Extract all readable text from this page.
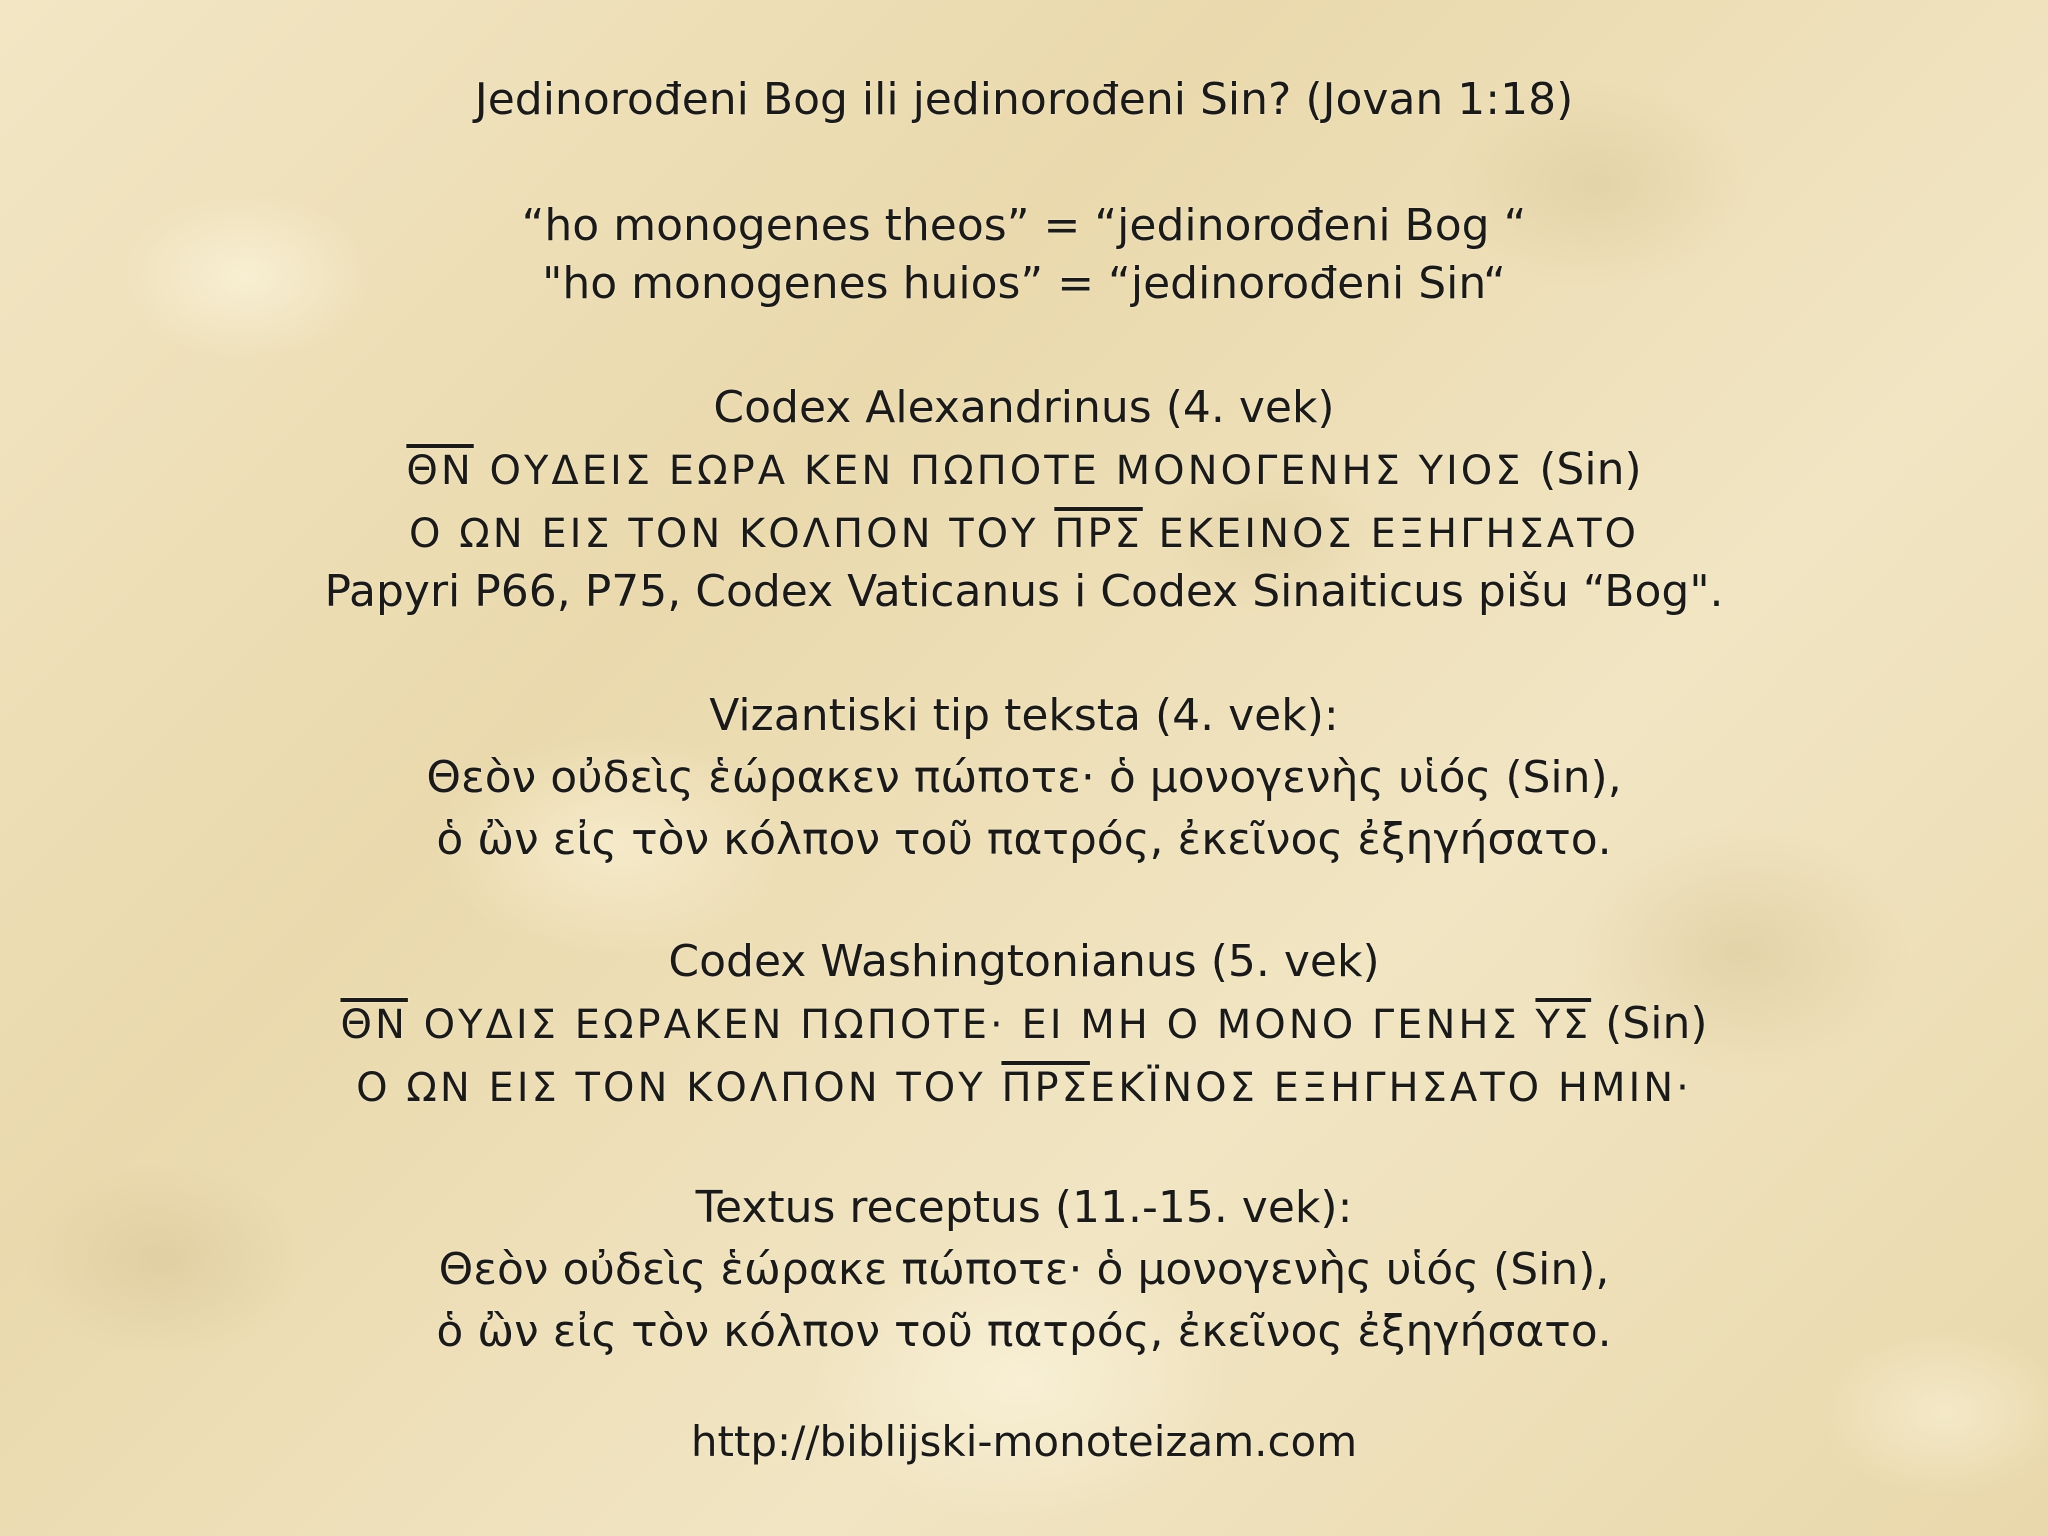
Jedinorođeni Bog ili jedinorođeni Sin? (Jovan 1:18)
“ho monogenes theos” = “jedinorođeni Bog “
"ho monogenes huios” = “jedinorođeni Sin“
Codex Alexandrinus (4. vek)
$\overline{\Theta N}$ ΟΥΔΕΙΣ ΕΩΡΑ ΚΕΝ ΠΩΠΟΤΕ ΜΟΝΟΓΕΝΗΣ ΥΙΟΣ (Sin)
Ο ΩΝ ΕΙΣ ΤΟΝ ΚΟΛΠΟΝ ΤΟΥ $\overline{\Pi P\Sigma}$ ΕΚΕΙΝΟΣ ΕΞΗΓΗΣΑΤΟ
Papyri P66, P75, Codex Vaticanus i Codex Sinaiticus pišu “Bog".
Vizantiski tip teksta (4. vek):
Θεὸν οὐδεὶς ἑώρακεν πώποτε· ὁ μονογενὴς υἱός (Sin),
ὁ ὢν εἰς τὸν κόλπον τοῦ πατρός, ἐκεῖνος ἐξηγήσατο.
Codex Washingtonianus (5. vek)
$\overline{\Theta N}$ ΟΥΔΙΣ ΕΩΡΑΚΕΝ ΠΩΠΟΤΕ· ΕΙ ΜΗ Ο ΜΟΝΟ ΓΕΝΗΣ $\overline{\Upsilon\Sigma}$ (Sin)
Ο ΩΝ ΕΙΣ ΤΟΝ ΚΟΛΠΟΝ ΤΟΥ $\overline{\Pi P\Sigma}EKΪNO\Sigma$ ΕΞΗΓΗΣΑΤΟ ΗΜΙΝ·
Textus receptus (11.-15. vek):
Θεὸν οὐδεὶς ἑώρακε πώποτε· ὁ μονογενὴς υἱός (Sin),
ὁ ὢν εἰς τὸν κόλπον τοῦ πατρός, ἐκεῖνος ἐξηγήσατο.
http://biblijski-monoteizam.com
